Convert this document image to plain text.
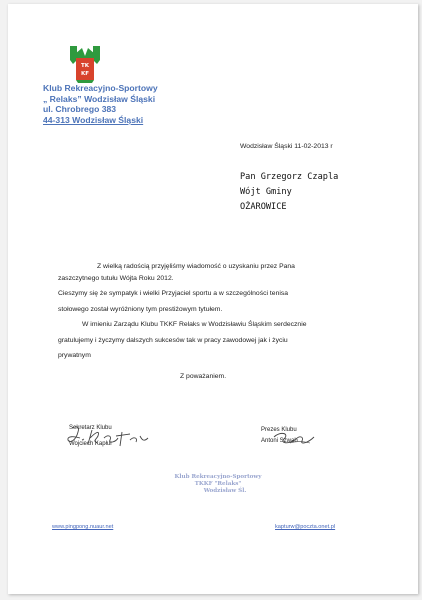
TK
KF
Klub Rekreacyjno-Sportowy
„ Relaks” Wodzisław Śląski
ul. Chrobrego 383
44-313 Wodzisław Śląski
Wodzisław Śląski 11-02-2013 r
Pan Grzegorz Czapla
Wójt Gminy
OŻAROWICE
Z wielką radością przyjęliśmy wiadomość o uzyskaniu przez Pana
zaszczytnego tutułu Wójta Roku 2012.
Cieszymy się że sympatyk i wielki Przyjaciel sportu a w szczególności tenisa
stołowego został wyróżniony tym prestiżowym tytułem.
W imieniu Zarządu Klubu TKKF Relaks w Wodzisławiu Śląskim serdecznie
gratulujemy i życzymy dalszych sukcesów tak w pracy zawodowej jak i życiu
prywatnym
Z poważaniem.
Sekretarz Klubu
Wojciech Kapłur
Prezes Klubu
Antoni Szwab
Klub Rekreacyjno-Sportowy
TKKF "Relaks"
Wodzisław Śl.
www.pingpong.nuaur.net	kapturw@poczta.onet.pl
